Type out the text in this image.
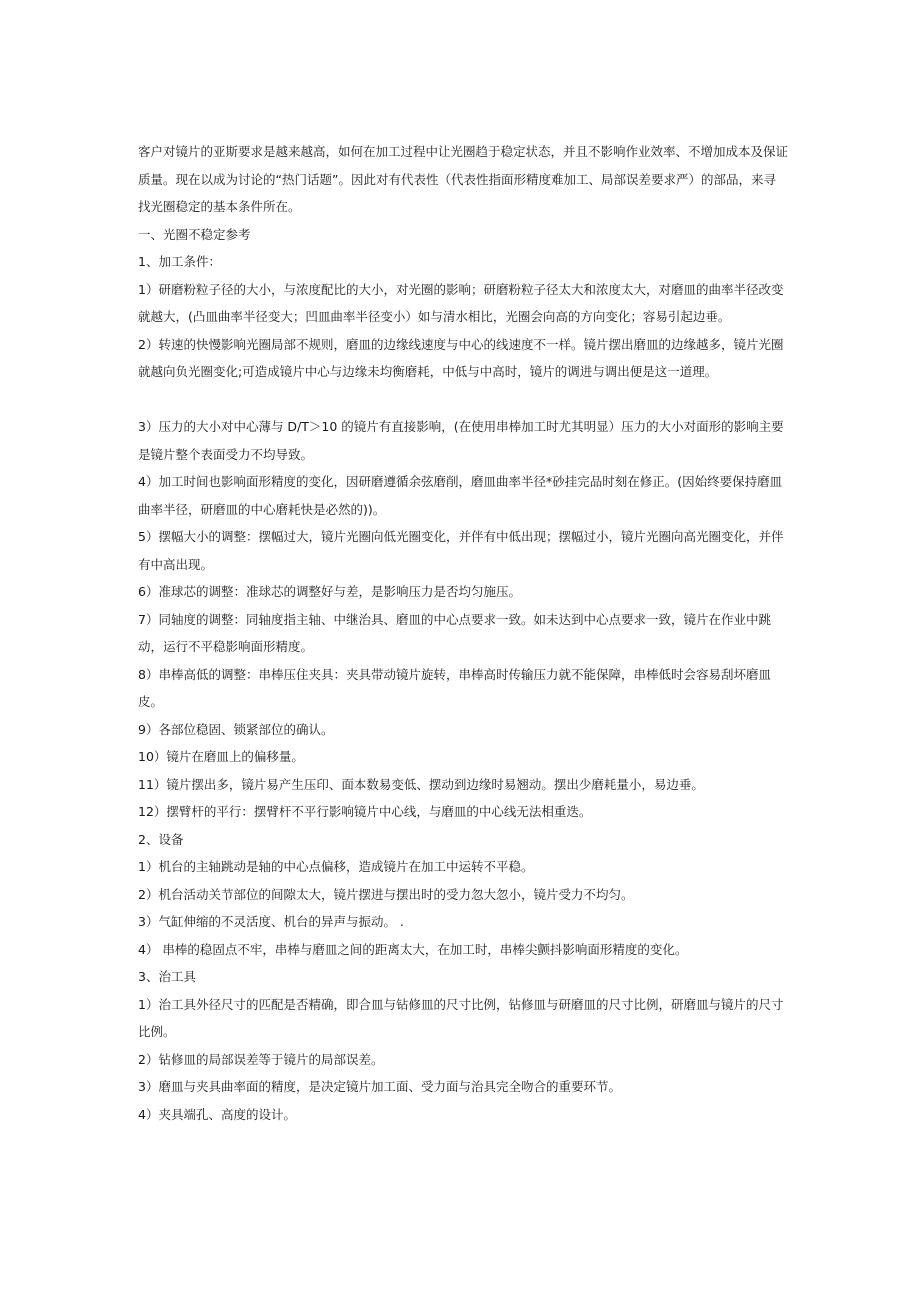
客户对镜片的亚斯要求是越来越高，如何在加工过程中让光圈趋于稳定状态，并且不影响作业效率、不增加成本及保证质量。现在以成为讨论的“热门话题”。因此对有代表性（代表性指面形精度难加工、局部误差要求严）的部品，来寻找光圈稳定的基本条件所在。

一、光圈不稳定参考

1、加工条件：

1）研磨粉粒子径的大小，与浓度配比的大小，对光圈的影响；研磨粉粒子径太大和浓度太大，对磨皿的曲率半径改变就越大，(凸皿曲率半径变大；凹皿曲率半径变小）如与清水相比，光圈会向高的方向变化；容易引起边垂。

2）转速的快慢影响光圈局部不规则，磨皿的边缘线速度与中心的线速度不一样。镜片摆出磨皿的边缘越多，镜片光圈就越向负光圈变化;可造成镜片中心与边缘未均衡磨耗，中低与中高时，镜片的调进与调出便是这一道理。

3）压力的大小对中心薄与 D/T＞10 的镜片有直接影响，(在使用串棒加工时尤其明显）压力的大小对面形的影响主要是镜片整个表面受力不均导致。

4）加工时间也影响面形精度的变化，因研磨遵循余弦磨削，磨皿曲率半径*砂挂完品时刻在修正。(因始终要保持磨皿曲率半径，研磨皿的中心磨耗快是必然的))。

5）摆幅大小的调整：摆幅过大，镜片光圈向低光圈变化，并伴有中低出现；摆幅过小，镜片光圈向高光圈变化，并伴有中高出现。

6）准球芯的调整：准球芯的调整好与差，是影响压力是否均匀施压。

7）同轴度的调整：同轴度指主轴、中继治具、磨皿的中心点要求一致。如未达到中心点要求一致，镜片在作业中跳动，运行不平稳影响面形精度。

8）串棒高低的调整：串棒压住夹具：夹具带动镜片旋转，串棒高时传输压力就不能保障，串棒低时会容易刮坏磨皿皮。

9）各部位稳固、锁紧部位的确认。

10）镜片在磨皿上的偏移量。

11）镜片摆出多，镜片易产生压印、面本数易变低、摆动到边缘时易翘动。摆出少磨耗量小，易边垂。

12）摆臂杆的平行：摆臂杆不平行影响镜片中心线，与磨皿的中心线无法相重迭。

2、设备

1）机台的主轴跳动是轴的中心点偏移，造成镜片在加工中运转不平稳。

2）机台活动关节部位的间隙太大，镜片摆进与摆出时的受力忽大忽小，镜片受力不均匀。

3）气缸伸缩的不灵活度、机台的异声与振动。 .

4） 串棒的稳固点不牢，串棒与磨皿之间的距离太大，在加工时，串棒尖颤抖影响面形精度的变化。

3、治工具

1）治工具外径尺寸的匹配是否精确，即合皿与钻修皿的尺寸比例，钻修皿与研磨皿的尺寸比例，研磨皿与镜片的尺寸比例。

2）钻修皿的局部误差等于镜片的局部误差。

3）磨皿与夹具曲率面的精度，是决定镜片加工面、受力面与治具完全吻合的重要环节。

4）夹具端孔、高度的设计。
